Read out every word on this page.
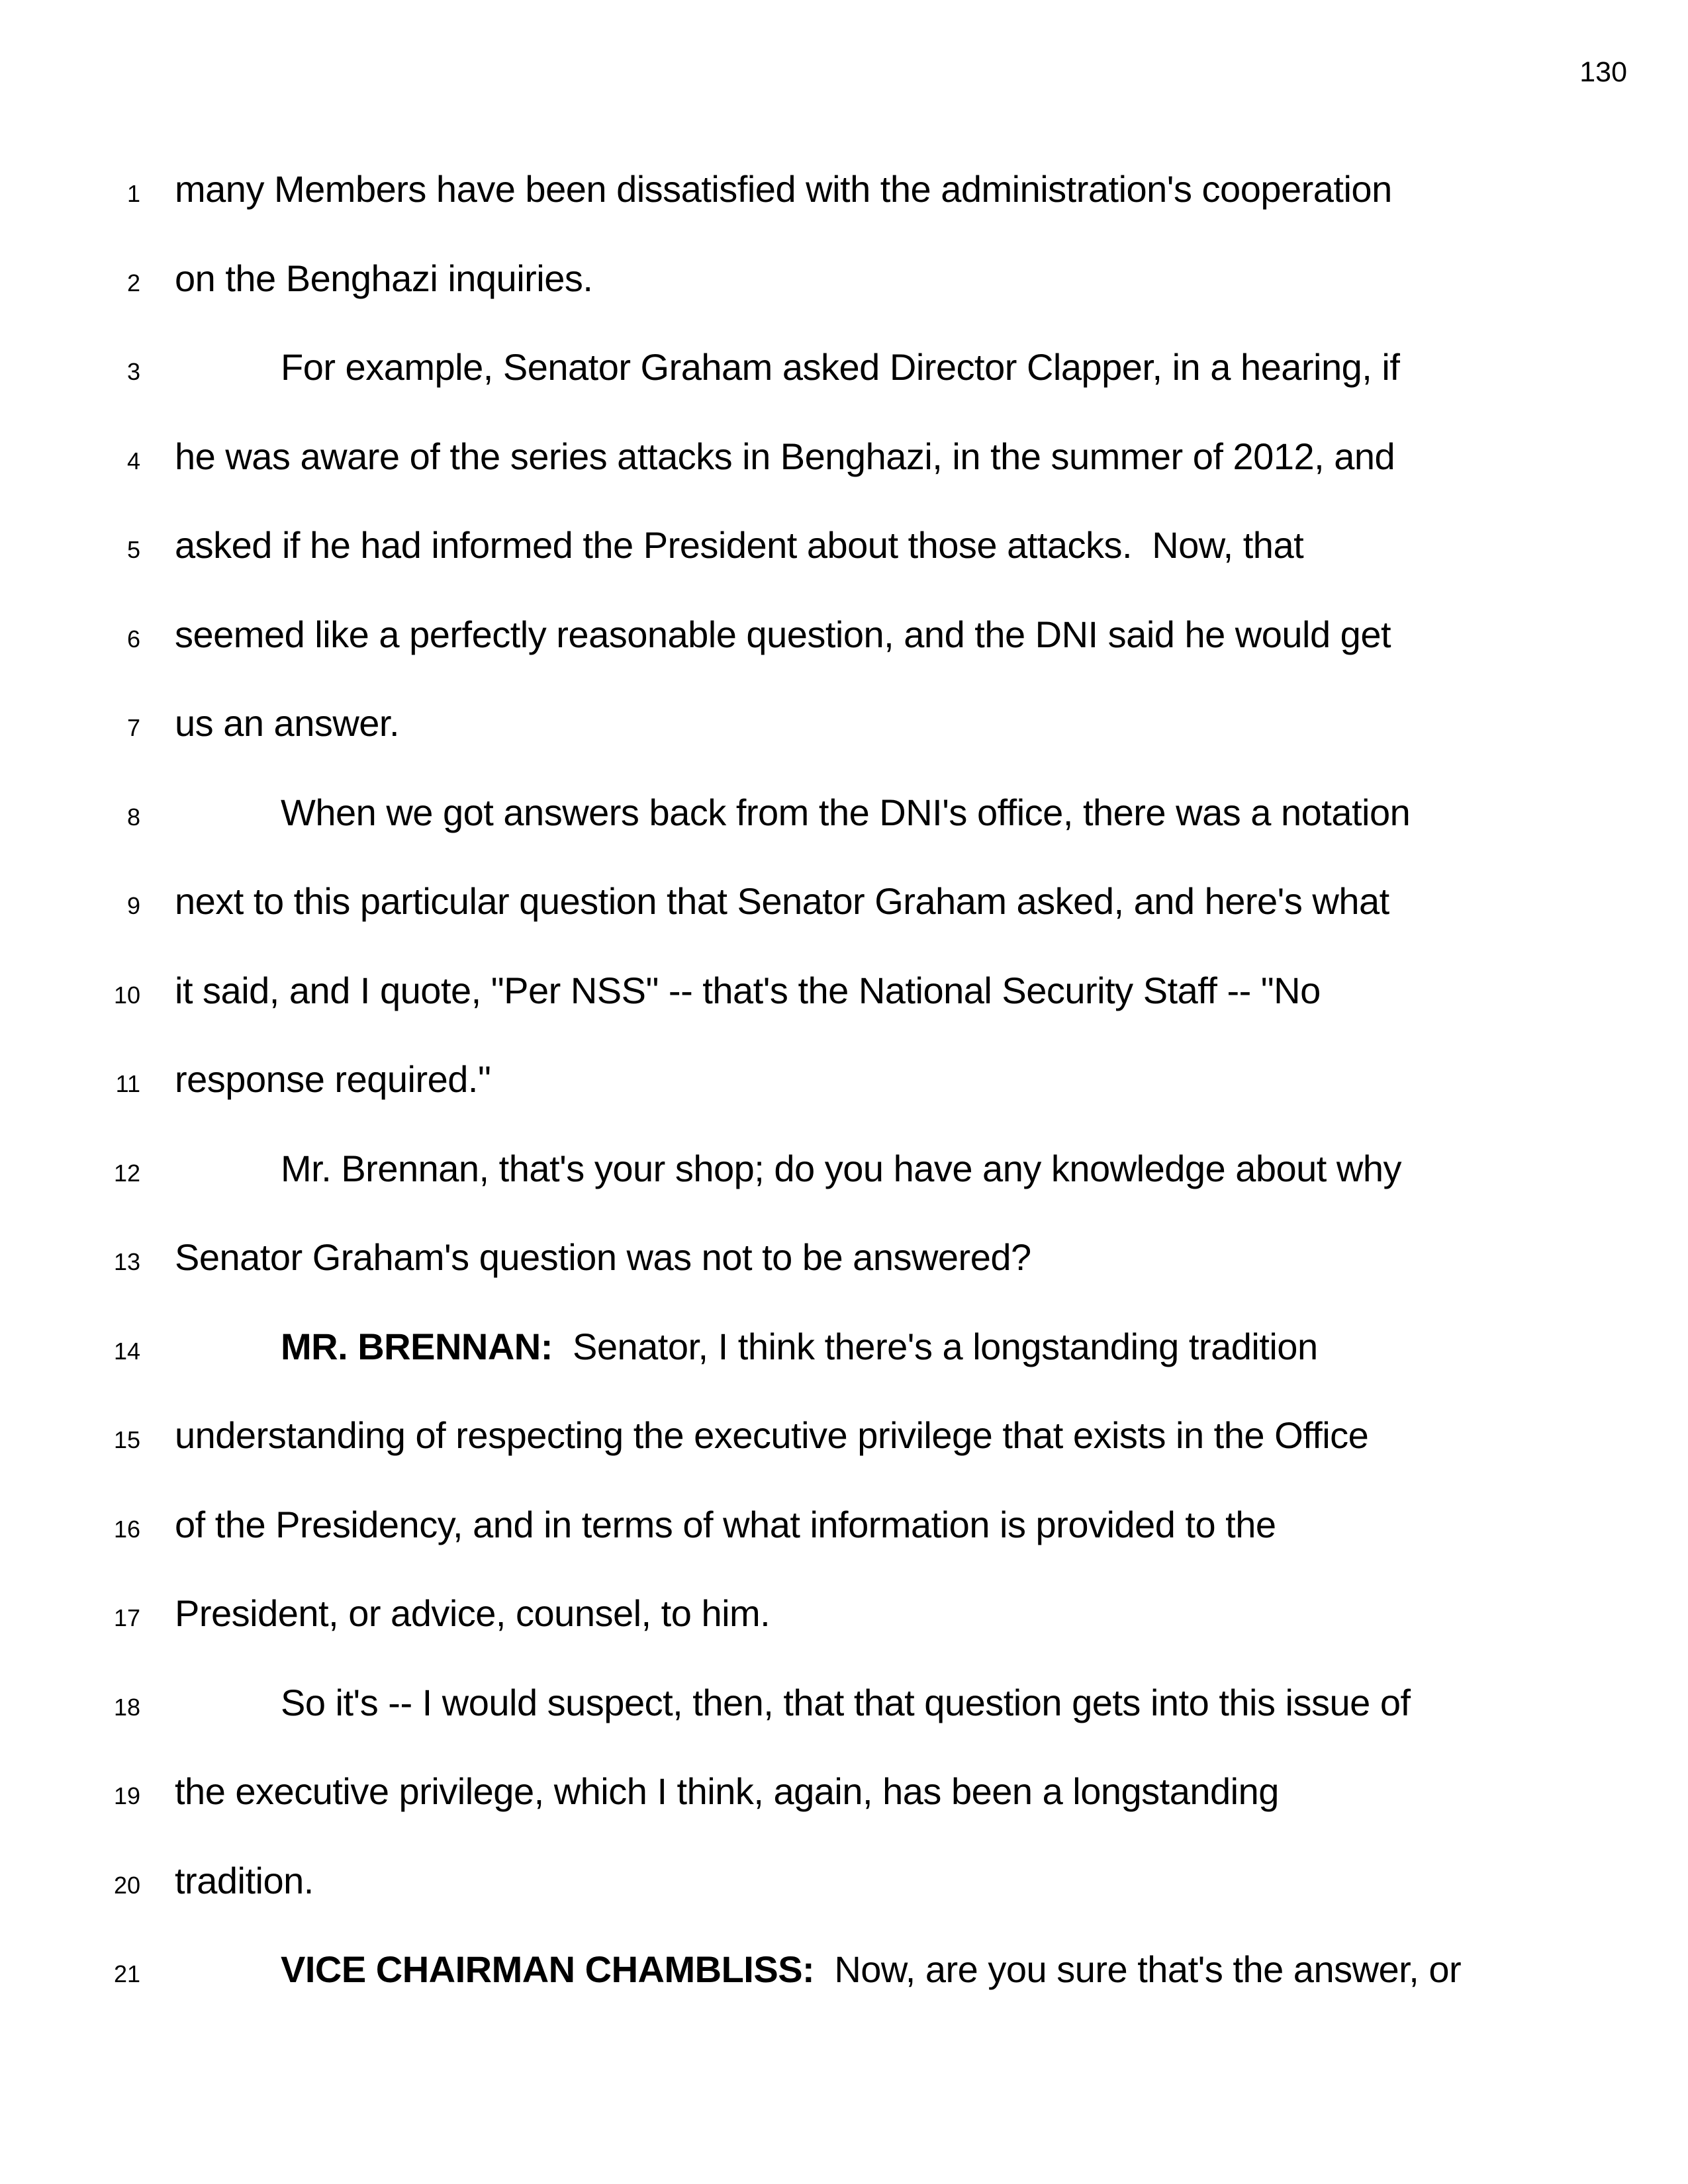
130
1 many Members have been dissatisfied with the administration's cooperation
2 on the Benghazi inquiries.
3	For example, Senator Graham asked Director Clapper, in a hearing, if
4 he was aware of the series attacks in Benghazi, in the summer of 2012, and
5 asked if he had informed the President about those attacks.  Now, that
6 seemed like a perfectly reasonable question, and the DNI said he would get
7 us an answer.
8	When we got answers back from the DNI's office, there was a notation
9 next to this particular question that Senator Graham asked, and here's what
10 it said, and I quote, "Per NSS" -- that's the National Security Staff -- "No
11 response required."
12	Mr. Brennan, that's your shop; do you have any knowledge about why
13 Senator Graham's question was not to be answered?
14	MR. BRENNAN:  Senator, I think there's a longstanding tradition
15 understanding of respecting the executive privilege that exists in the Office
16 of the Presidency, and in terms of what information is provided to the
17 President, or advice, counsel, to him.
18	So it's -- I would suspect, then, that that question gets into this issue of
19 the executive privilege, which I think, again, has been a longstanding
20 tradition.
21	VICE CHAIRMAN CHAMBLISS:  Now, are you sure that's the answer, or
